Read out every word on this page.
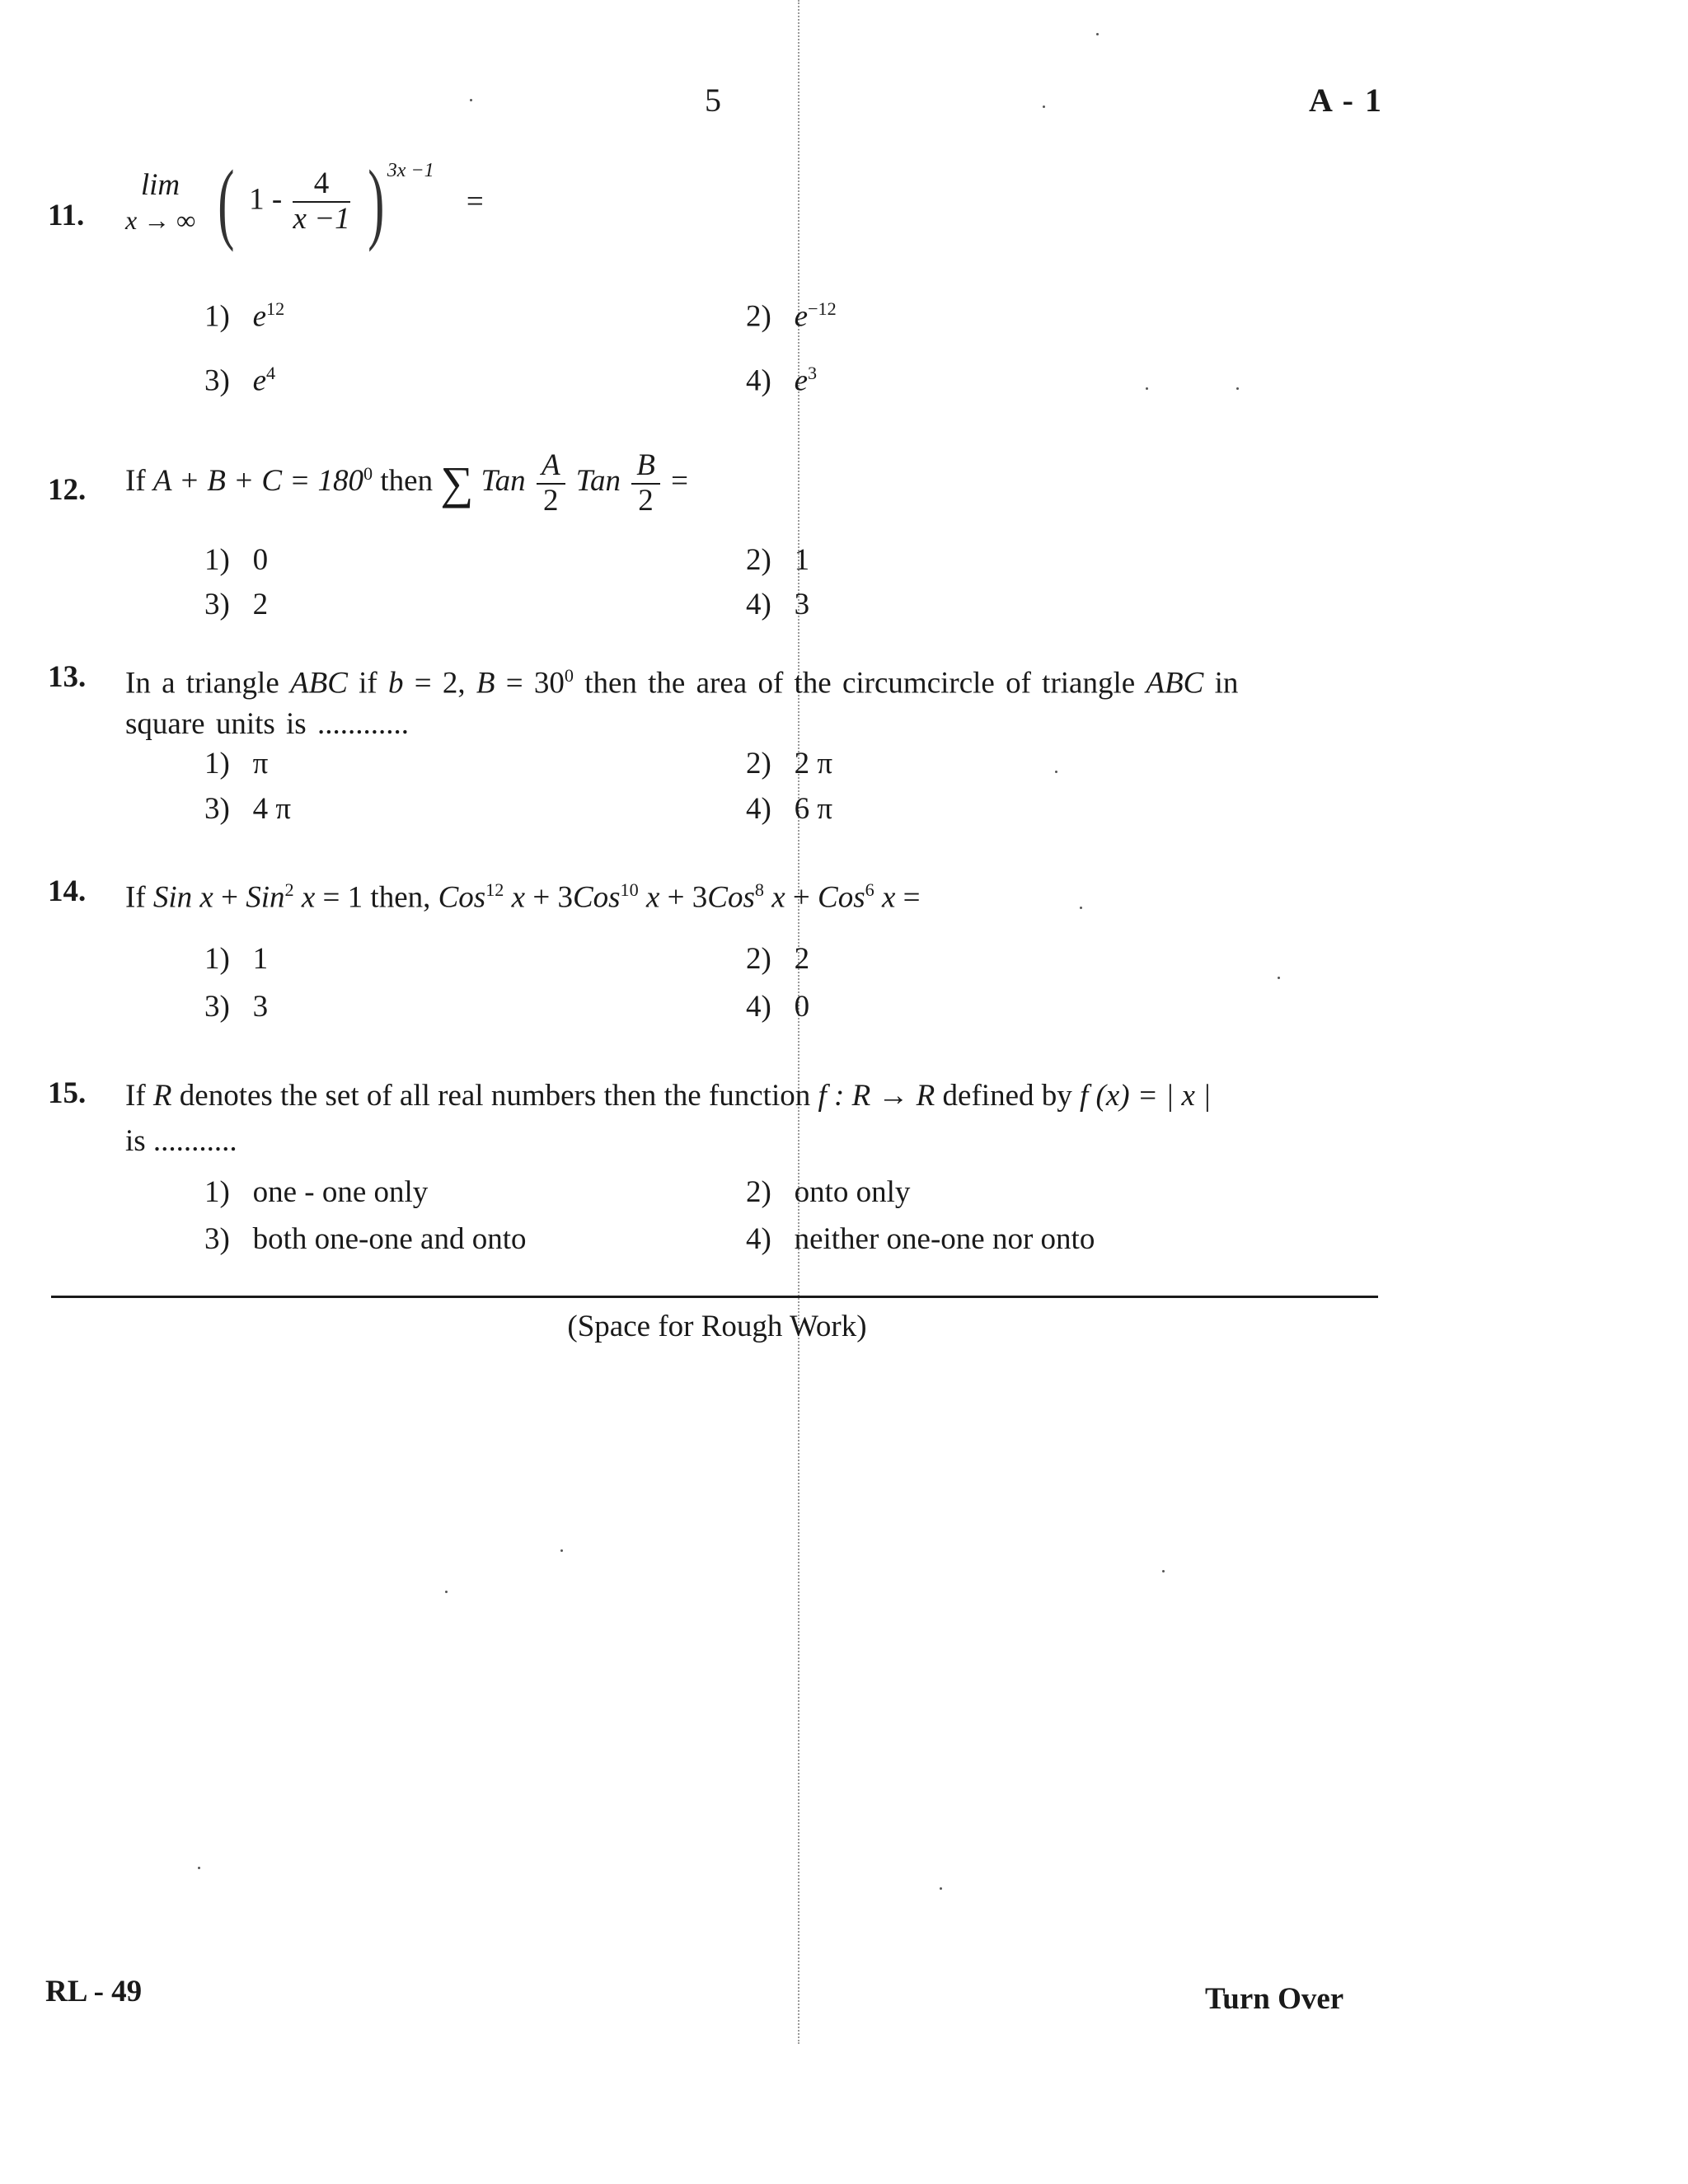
5	A - 1
11.
lim
x → ∞ ( $1 - \frac{4}{x -1}$ ) 3x −1 =
1) $e^{12}$	2) $e^{-12}$
3) $e^4$	4) $e^3$
12. If $A + B + C = 180^0$ then ∑ Tan $\frac{A}{2}$ Tan $\frac{B}{2}$ =
1) 0	2) 1
3) 2	4) 3
13. In a triangle ABC if b = 2, $B = 30^0$ then the area of the circumcircle of triangle ABC in
square units is ............
1) π	2) 2 π
3) 4 π	4) 6 π
14. If Sin x + Sin$^2$ x = 1 then, Cos$^{12}$ x + 3Cos$^{10}$ x + 3Cos$^8$ x + Cos$^6$ x =
1) 1	2) 2
3) 3	4) 0
15. If R denotes the set of all real numbers then the function f : R → R defined by f (x) = | x |
is ...........
1) one - one only	2) onto only
3) both one-one and onto	4) neither one-one nor onto
(Space for Rough Work)
RL - 49	Turn Over
